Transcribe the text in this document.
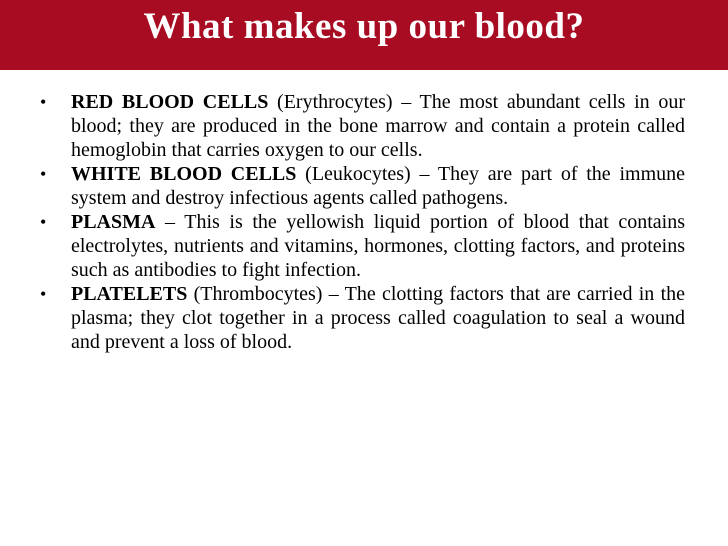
What makes up our blood?
• RED BLOOD CELLS (Erythrocytes) – The most abundant cells in our blood; they are produced in the bone marrow and contain a protein called hemoglobin that carries oxygen to our cells.
• WHITE BLOOD CELLS (Leukocytes) – They are part of the immune system and destroy infectious agents called pathogens.
• PLASMA – This is the yellowish liquid portion of blood that contains electrolytes, nutrients and vitamins, hormones, clotting factors, and proteins such as antibodies to fight infection.
• PLATELETS (Thrombocytes) – The clotting factors that are carried in the plasma; they clot together in a process called coagulation to seal a wound and prevent a loss of blood.
